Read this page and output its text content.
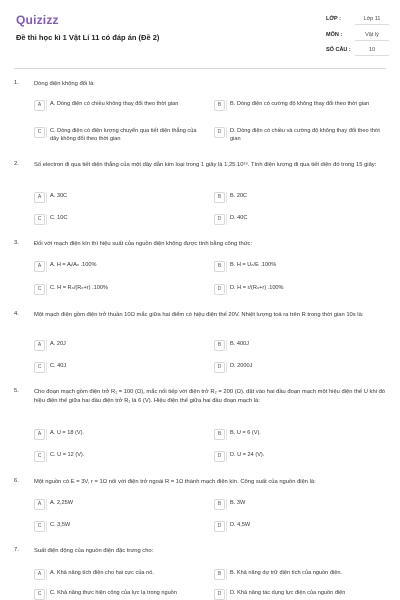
Quizizz
Đề thi học kì 1 Vật Lí 11 có đáp án (Đề 2)
LỚP :	Lớp 11
MÔN :	Vật lý
SỐ CÂU :	10
1.	Dòng điện không đổi là:
A	A. Dòng điện có chiều không thay đổi theo thời gian	B	B. Dòng điện có cường độ không thay đổi theo thời gian
C	C. Dòng điện có điện lượng chuyển qua tiết diện thẳng của dây không đổi theo thời gian
D	D. Dòng điện có chiều và cường độ không thay đổi theo thời gian
2.	Số electron đi qua tiết diện thẳng của một dây dẫn kim loại trong 1 giây là 1,25.10¹⁹. Tính điện lượng đi qua tiết diện đó trong 15 giây:
A	A. 30C	B	B. 20C
C	C. 10C	D	D. 40C
3.	Đối với mạch điện kín thì hiệu suất của nguồn điện không được tính bằng công thức:
A	A. H = Aᵢ/Aₙ .100%	B	B. H = Uₙ/E .100%
C	C. H = Rₙ/(Rₙ+r) .100%	D	D. H = r/(Rₙ+r) .100%
4.	Một mạch điện gồm điện trở thuần 10Ω mắc giữa hai điểm có hiệu điện thế 20V. Nhiệt lượng toả ra trên R trong thời gian 10s là:
A	A. 20J	B	B. 400J
C	C. 40J	D	D. 2000J
5.	Cho đoạn mạch gồm điện trở R₁ = 100 (Ω), mắc nối tiếp với điện trở R₂ = 200 (Ω). đặt vào hai đầu đoạn mạch một hiệu điện thế U khi đó hiệu điện thế giữa hai đầu điện trở R₁ là 6 (V). Hiệu điện thế giữa hai đầu đoạn mạch là:
A	A. U = 18 (V).	B	B. U = 6 (V).
C	C. U = 12 (V).	D	D. U = 24 (V).
6.	Một nguồn có E = 3V, r = 1Ω nối với điện trở ngoài R = 1Ω thành mạch điện kín. Công suất của nguồn điện là:
A	A. 2,25W	B	B. 3W
C	C. 3,5W	D	D. 4,5W
7.	Suất điện động của nguồn điện đặc trưng cho:
A	A. Khả năng tích điện cho hai cực của nó.	B	B. Khả năng dự trữ điện tích của nguồn điện.
C	C. Khả năng thực hiện công của lực lạ trong nguồn	D	D. Khả năng tác dụng lực điện của nguồn điện
